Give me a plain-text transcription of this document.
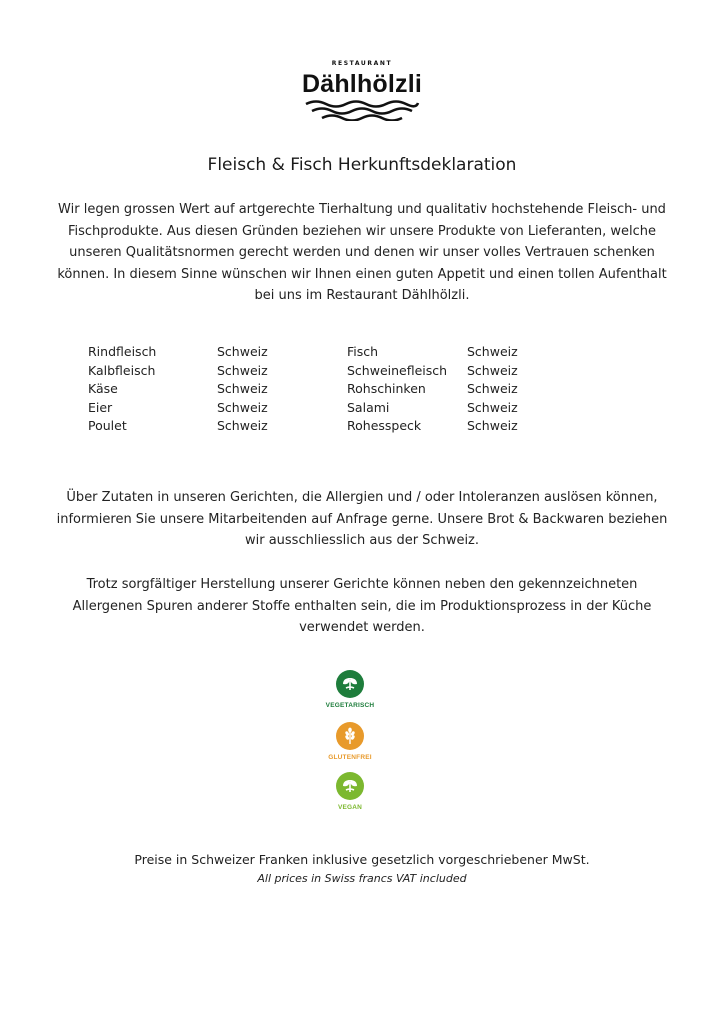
RESTAURANT
Dählhölzli
Fleisch & Fisch Herkunftsdeklaration

Wir legen grossen Wert auf artgerechte Tierhaltung und qualitativ hochstehende Fleisch- und Fischprodukte. Aus diesen Gründen beziehen wir unsere Produkte von Lieferanten, welche unseren Qualitätsnormen gerecht werden und denen wir unser volles Vertrauen schenken können. In diesem Sinne wünschen wir Ihnen einen guten Appetit und einen tollen Aufenthalt bei uns im Restaurant Dählhölzli.

Rindfleisch	Schweiz	Fisch	Schweiz
Kalbfleisch	Schweiz	Schweinefleisch Schweiz
Käse	Schweiz	Rohschinken	Schweiz
Eier	Schweiz	Salami	Schweiz
Poulet	Schweiz	Rohesspeck	Schweiz

Über Zutaten in unseren Gerichten, die Allergien und / oder Intoleranzen auslösen können, informieren Sie unsere Mitarbeitenden auf Anfrage gerne. Unsere Brot & Backwaren beziehen wir ausschliesslich aus der Schweiz.

Trotz sorgfältiger Herstellung unserer Gerichte können neben den gekennzeichneten Allergenen Spuren anderer Stoffe enthalten sein, die im Produktionsprozess in der Küche verwendet werden.

VEGETARISCH
GLUTENFREI
VEGAN

Preise in Schweizer Franken inklusive gesetzlich vorgeschriebener MwSt.

All prices in Swiss francs VAT included
